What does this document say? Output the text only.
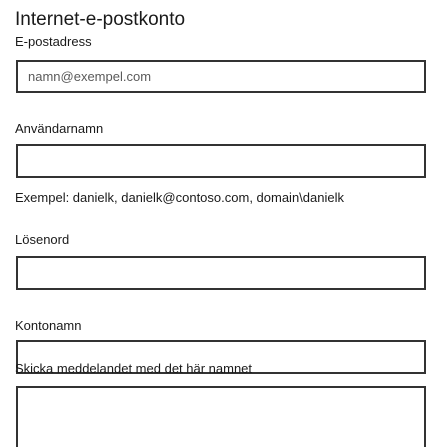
Internet-e-postkonto
E-postadress
namn@exempel.com
Användarnamn
Exempel: danielk, danielk@contoso.com, domain\danielk
Lösenord
Kontonamn
Skicka meddelandet med det här namnet
